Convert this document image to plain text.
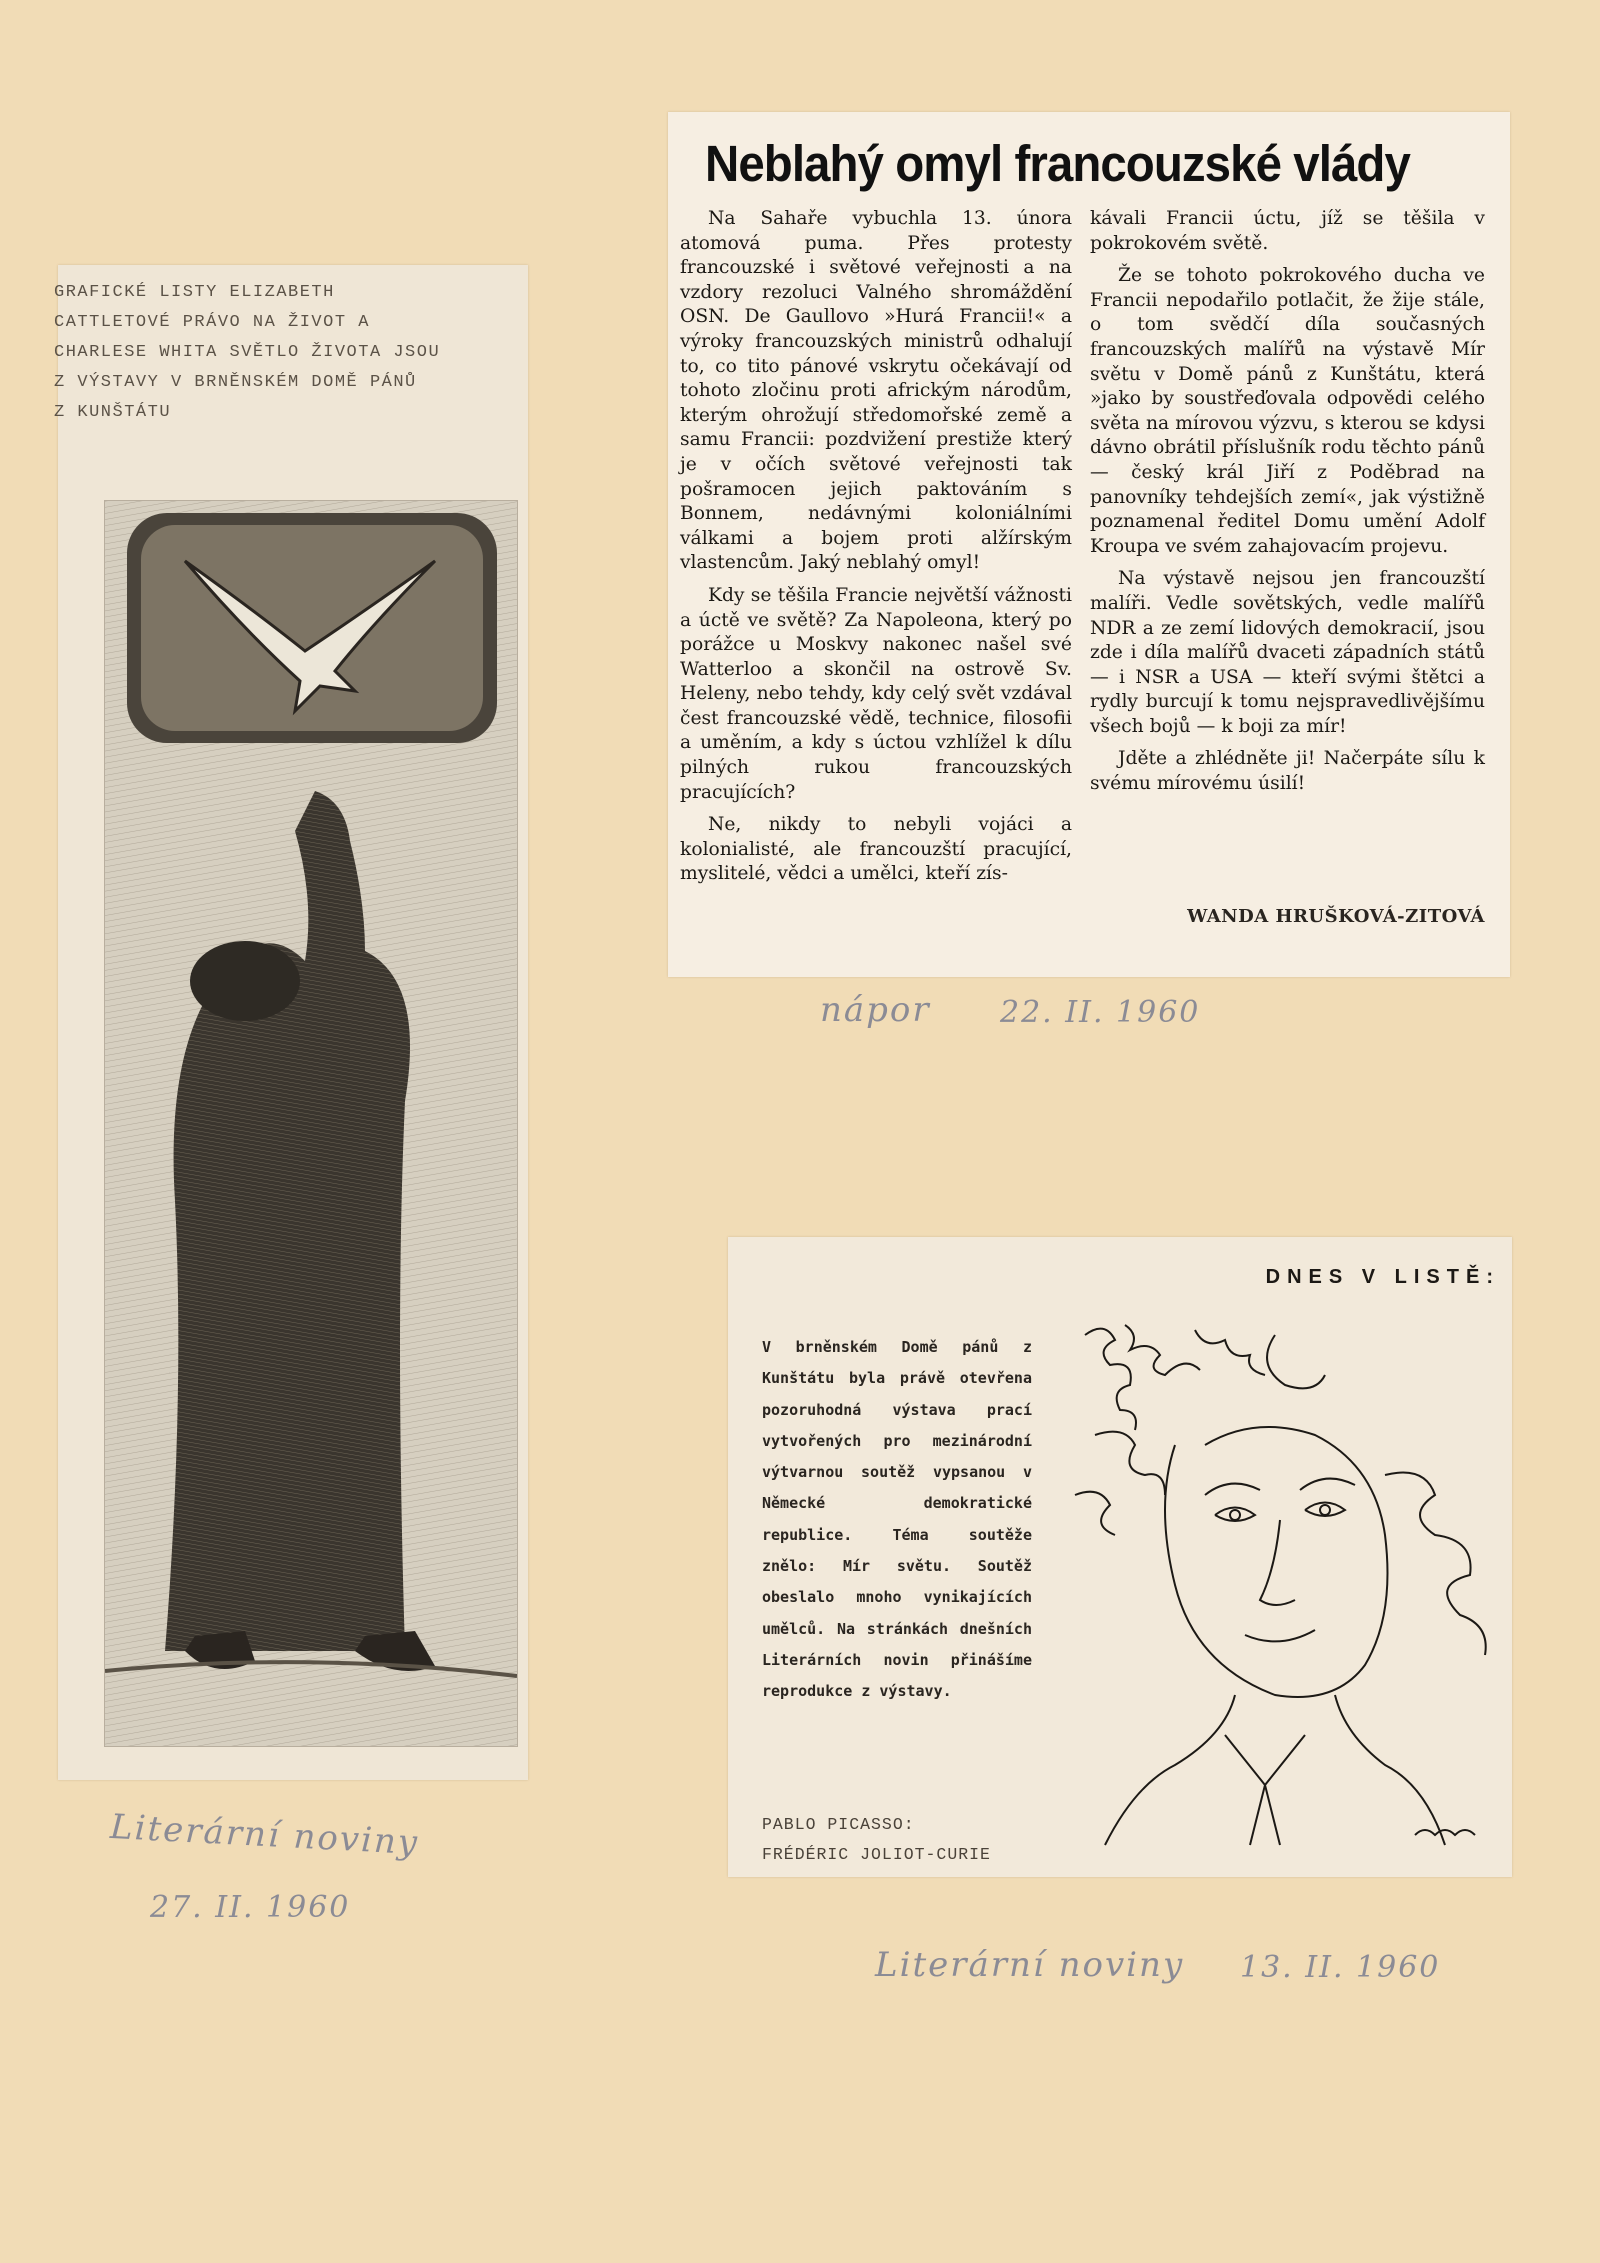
GRAFICKÉ LISTY ELIZABETH
CATTLETOVÉ PRÁVO NA ŽIVOT A
CHARLESE WHITA SVĚTLO ŽIVOTA JSOU
Z VÝSTAVY V BRNĚNSKÉM DOMĚ PÁNŮ
Z KUNŠTÁTU
Neblahý omyl francouzské vlády

Na Sahaře vybuchla 13. února atomová puma. Přes protesty francouzské i světové veřejnosti a na vzdory rezoluci Valného shromáždění OSN. De Gaullovo »Hurá Francii!« a výroky francouzských ministrů odhalují to, co tito pánové vskrytu očekávají od tohoto zločinu proti africkým národům, kterým ohrožují středomořské země a samu Francii: pozdvižení prestiže který je v očích světové veřejnosti tak pošramocen jejich paktováním s Bonnem, nedávnými koloniálními válkami a bojem proti alžírským vlastencům. Jaký neblahý omyl!

Kdy se těšila Francie největší vážnosti a úctě ve světě? Za Napoleona, který po porážce u Moskvy nakonec našel své Watterloo a skončil na ostrově Sv. Heleny, nebo tehdy, kdy celý svět vzdával čest francouzské vědě, technice, filosofii a uměním, a kdy s úctou vzhlížel k dílu pilných rukou francouzských pracujících?

Ne, nikdy to nebyli vojáci a kolonialisté, ale francouzští pracující, myslitelé, vědci a umělci, kteří zís-

kávali Francii úctu, jíž se těšila v pokrokovém světě.

Že se tohoto pokrokového ducha ve Francii nepodařilo potlačit, že žije stále, o tom svědčí díla současných francouzských malířů na výstavě Mír světu v Domě pánů z Kunštátu, která »jako by soustřeďovala odpovědi celého světa na mírovou výzvu, s kterou se kdysi dávno obrátil příslušník rodu těchto pánů — český král Jiří z Poděbrad na panovníky tehdejších zemí«, jak výstižně poznamenal ředitel Domu umění Adolf Kroupa ve svém zahajovacím projevu.

Na výstavě nejsou jen francouzští malíři. Vedle sovětských, vedle malířů NDR a ze zemí lidových demokracií, jsou zde i díla malířů dvaceti západních států — i NSR a USA — kteří svými štětci a rydly burcují k tomu nejspravedlivějšímu všech bojů — k boji za mír!

Jděte a zhlédněte ji! Načerpáte sílu k svému mírovému úsilí!

WANDA HRUŠKOVÁ-ZITOVÁ
nápor 22. II. 1960
Literární noviny
27. II. 1960
Literární noviny 13. II. 1960
DNES V LISTĚ:
V brněnském Domě pánů z Kunštátu byla právě otevřena pozoruhodná výstava prací vytvořených pro mezinárodní výtvarnou soutěž vypsanou v Německé demokratické republice. Téma soutěže znělo: Mír světu. Soutěž obeslalo mnoho vynikajících umělců. Na stránkách dnešních Literárních novin přinášíme reprodukce z výstavy.
PABLO PICASSO:
FRÉDÉRIC JOLIOT-CURIE
